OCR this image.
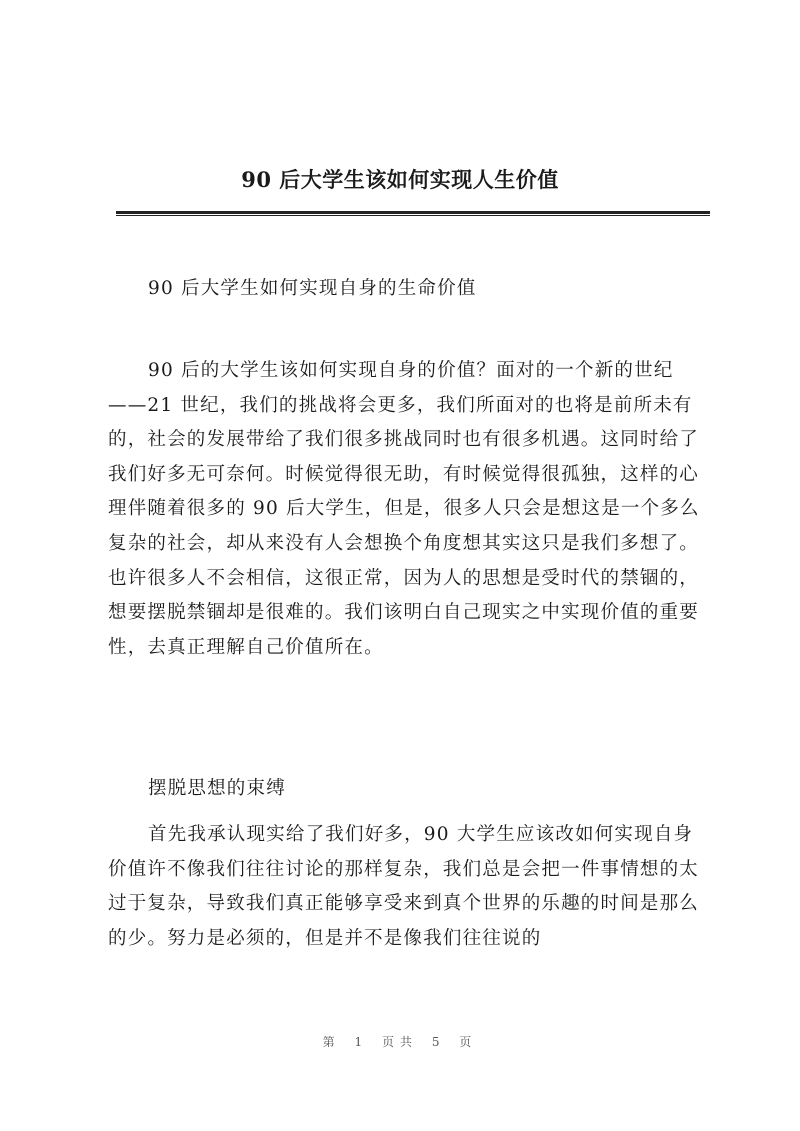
90 后大学生该如何实现人生价值

90 后大学生如何实现自身的生命价值

90 后的大学生该如何实现自身的价值？面对的一个新的世纪——21 世纪，我们的挑战将会更多，我们所面对的也将是前所未有的，社会的发展带给了我们很多挑战同时也有很多机遇。这同时给了我们好多无可奈何。时候觉得很无助，有时候觉得很孤独，这样的心理伴随着很多的 90 后大学生，但是，很多人只会是想这是一个多么复杂的社会，却从来没有人会想换个角度想其实这只是我们多想了。也许很多人不会相信，这很正常，因为人的思想是受时代的禁锢的，想要摆脱禁锢却是很难的。我们该明白自己现实之中实现价值的重要性，去真正理解自己价值所在。

摆脱思想的束缚

首先我承认现实给了我们好多，90 大学生应该改如何实现自身价值许不像我们往往讨论的那样复杂，我们总是会把一件事情想的太过于复杂，导致我们真正能够享受来到真个世界的乐趣的时间是那么的少。努力是必须的，但是并不是像我们往往说的

第 1 页共 5 页
